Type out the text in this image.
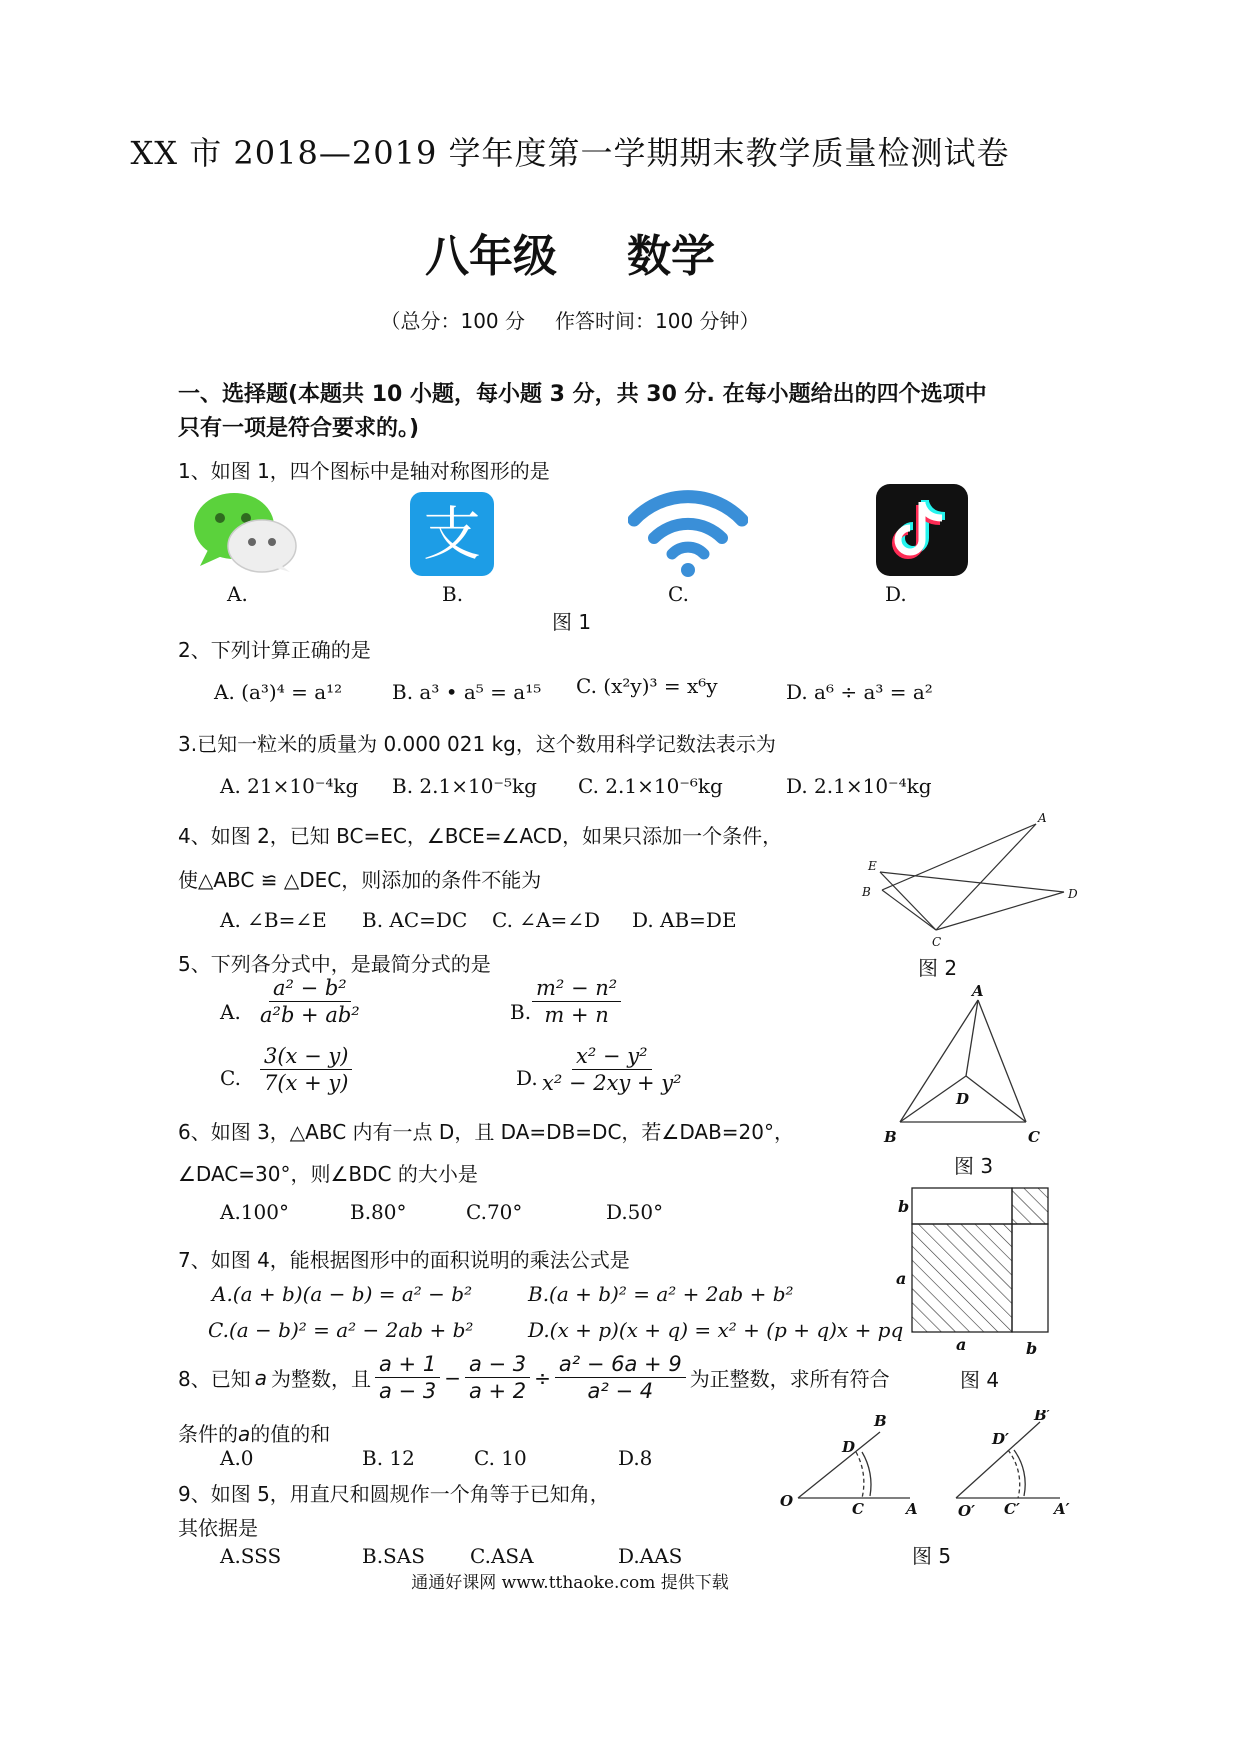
XX 市 2018—2019 学年度第一学期期末教学质量检测试卷
八年级 数学
（总分：100 分 作答时间：100 分钟）
一、选择题(本题共 10 小题，每小题 3 分，共 30 分. 在每小题给出的四个选项中
只有一项是符合要求的。)
1、如图 1，四个图标中是轴对称图形的是
支
A.	B.	C.	D.
图 1
2、下列计算正确的是
A. (a³)⁴ = a¹² B. a³ • a⁵ = a¹⁵ C. (x²y)³ = x⁶y	D. a⁶ ÷ a³ = a²
3.已知一粒米的质量为 0.000 021 kg，这个数用科学记数法表示为
A. 21×10⁻⁴kg B. 2.1×10⁻⁵kg C. 2.1×10⁻⁶kg	D. 2.1×10⁻⁴kg
4、如图 2，已知 BC=EC，∠BCE=∠ACD，如果只添加一个条件，
使△ABC ≌ △DEC，则添加的条件不能为
A. ∠B=∠E B. AC=DC C. ∠A=∠D D. AB=DE
A
E
B	D
C
图 2
5、下列各分式中，是最简分式的是
A. $\frac{\text{a² − b²}}{\text{a²b + ab²}}$	B. $\frac{\text{m² − n²}}{m + n}$
C. $\frac{3(x - y)}{7(x + y)}$	D. $\frac{\text{x² − y²}}{\text{x² − 2xy + y²}}$
A
D
B	C
图 3
6、如图 3，△ABC 内有一点 D，且 DA=DB=DC，若∠DAB=20°，
∠DAC=30°，则∠BDC 的大小是
A.100°	B.80°	C.70°	D.50°	b
a
a	b
图 4
7、如图 4，能根据图形中的面积说明的乘法公式是
A.(a + b)(a − b) = a² − b²	B.(a + b)² = a² + 2ab + b²
C.(a − b)² = a² − 2ab + b²	D.(x + p)(x + q) = x² + (p + q)x + pq
8、已知 a 为整数，且 $\frac{a + 1}{a - 3} - \frac{a - 3}{a + 2} \div \frac{\text{a² − 6a + 9}}{\text{a² − 4}}$ 为正整数，求所有符合
条件的a的值的和
A.0	B. 12	C. 10	D.8
9、如图 5，用直尺和圆规作一个角等于已知角，
其依据是
A.SSS	B.SAS C.ASA	D.AAS
B
D
O	C	A
B′
D′
O′ C′ A′
图 5
通通好课网 www.tthaoke.com 提供下载
